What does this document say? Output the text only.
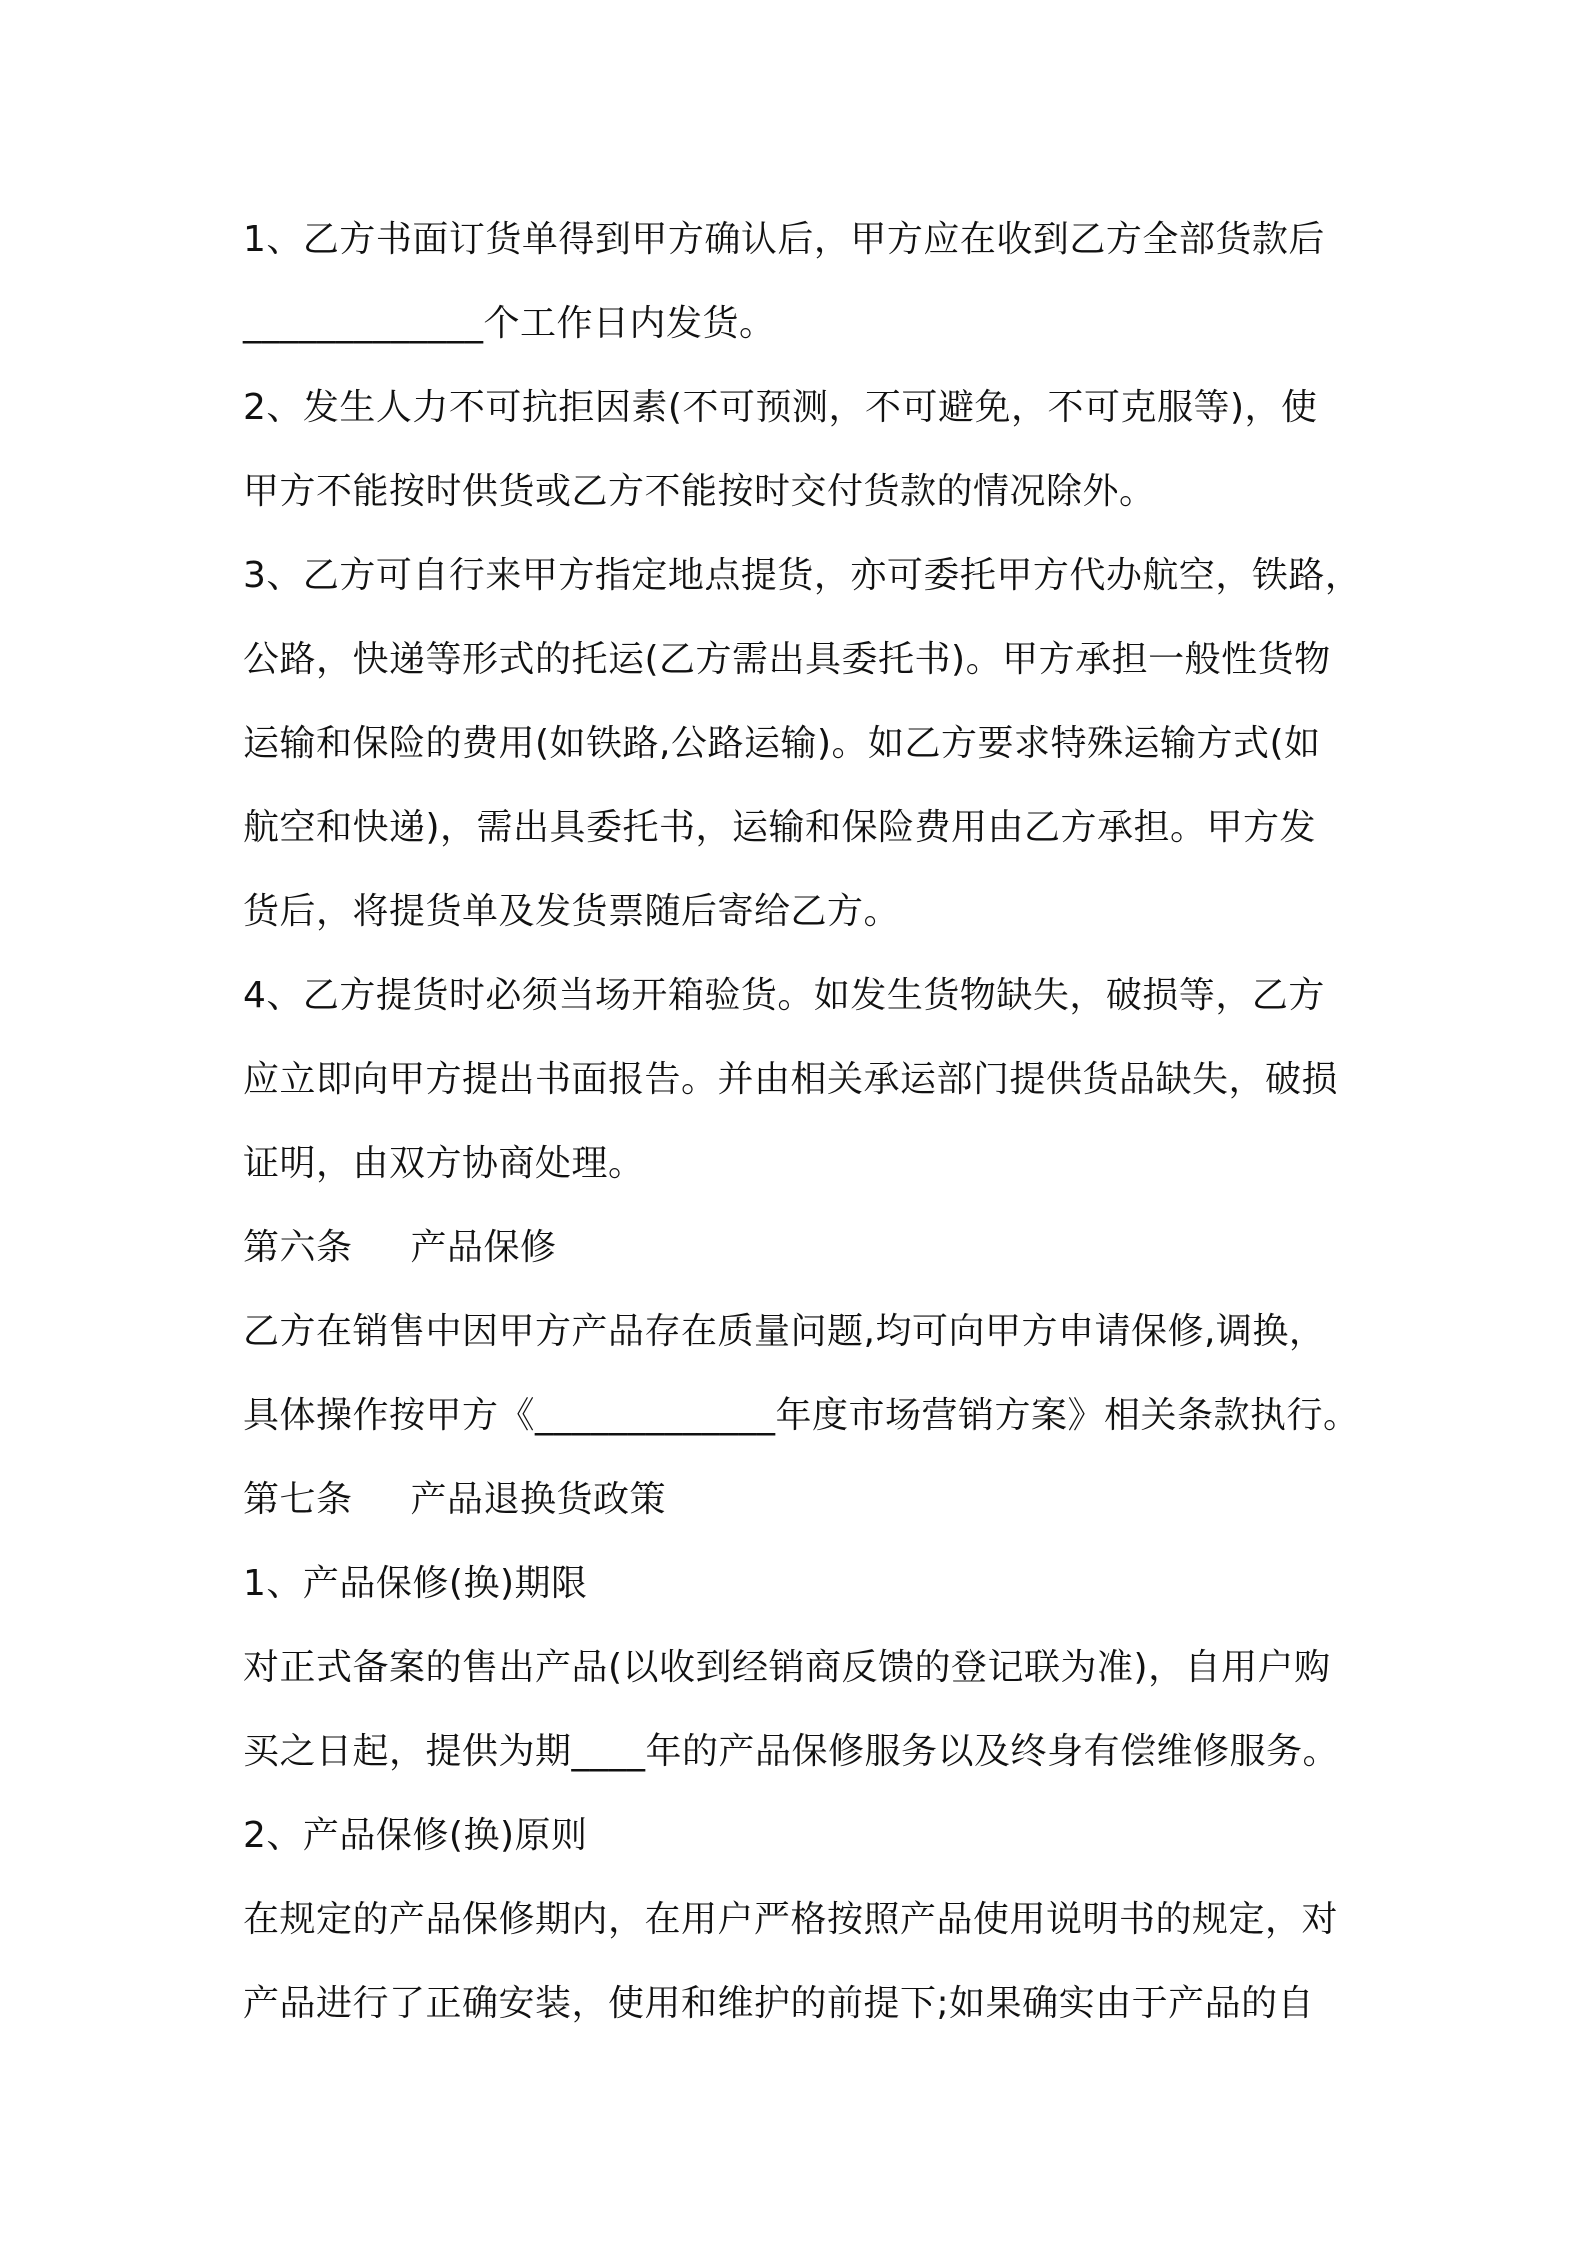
1、乙方书面订货单得到甲方确认后，甲方应在收到乙方全部货款后
_____________个工作日内发货。
2、发生人力不可抗拒因素(不可预测，不可避免，不可克服等)，使
甲方不能按时供货或乙方不能按时交付货款的情况除外。
3、乙方可自行来甲方指定地点提货，亦可委托甲方代办航空，铁路，
公路，快递等形式的托运(乙方需出具委托书)。甲方承担一般性货物
运输和保险的费用(如铁路,公路运输)。如乙方要求特殊运输方式(如
航空和快递)，需出具委托书，运输和保险费用由乙方承担。甲方发
货后，将提货单及发货票随后寄给乙方。
4、乙方提货时必须当场开箱验货。如发生货物缺失，破损等，乙方
应立即向甲方提出书面报告。并由相关承运部门提供货品缺失，破损
证明，由双方协商处理。
第六条 产品保修
乙方在销售中因甲方产品存在质量问题,均可向甲方申请保修,调换，
具体操作按甲方《_____________年度市场营销方案》相关条款执行。
第七条 产品退换货政策
1、产品保修(换)期限
对正式备案的售出产品(以收到经销商反馈的登记联为准)，自用户购
买之日起，提供为期____年的产品保修服务以及终身有偿维修服务。
2、产品保修(换)原则
在规定的产品保修期内，在用户严格按照产品使用说明书的规定，对
产品进行了正确安装，使用和维护的前提下;如果确实由于产品的自
